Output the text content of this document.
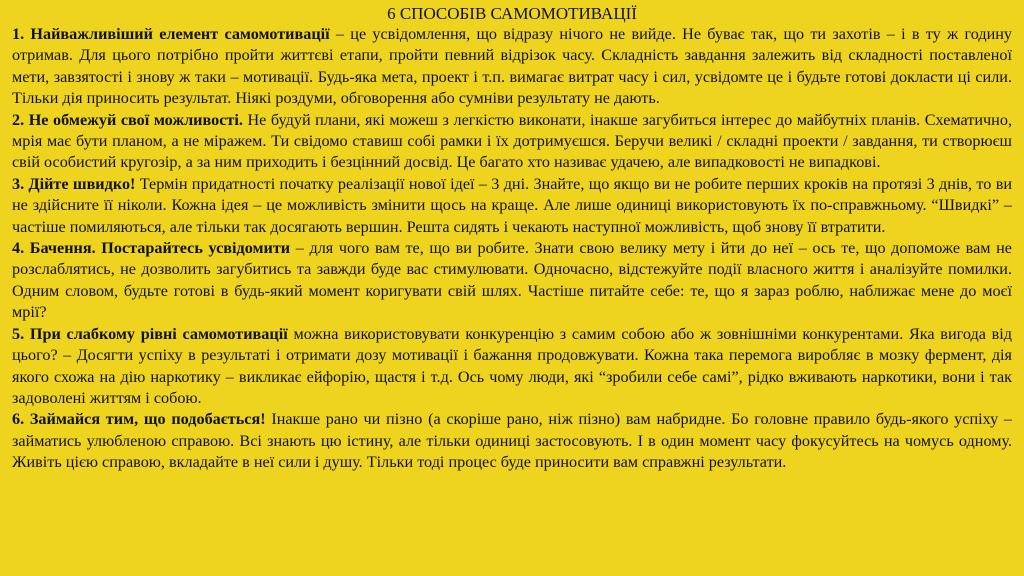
6 СПОСОБІВ САМОМОТИВАЦІЇ

1. Найважливіший елемент самомотивації – це усвідомлення, що відразу нічого не вийде. Не буває так, що ти захотів – і в ту ж годину отримав. Для цього потрібно пройти життєві етапи, пройти певний відрізок часу. Складність завдання залежить від складності поставленої мети, завзятості і знову ж таки – мотивації. Будь-яка мета, проект і т.п. вимагає витрат часу і сил, усвідомте це і будьте готові докласти ці сили. Тільки дія приносить результат. Ніякі роздуми, обговорення або сумніви результату не дають.

2. Не обмежуй свої можливості. Не будуй плани, які можеш з легкістю виконати, інакше загубиться інтерес до майбутніх планів. Схематично, мрія має бути планом, а не міражем. Ти свідомо ставиш собі рамки і їх дотримуєшся. Беручи великі / складні проекти / завдання, ти створюєш свій особистий кругозір, а за ним приходить і безцінний досвід. Це багато хто називає удачею, але випадковості не випадкові.

3. Дійте швидко! Термін придатності початку реалізації нової ідеї – 3 дні. Знайте, що якщо ви не робите перших кроків на протязі 3 днів, то ви не здійсните її ніколи. Кожна ідея – це можливість змінити щось на краще. Але лише одиниці використовують їх по-справжньому. “Швидкі” – частіше помиляються, але тільки так досягають вершин. Решта сидять і чекають наступної можливість, щоб знову її втратити.

4. Бачення. Постарайтесь усвідомити – для чого вам те, що ви робите. Знати свою велику мету і йти до неї – ось те, що допоможе вам не розслаблятись, не дозволить загубитись та завжди буде вас стимулювати. Одночасно, відстежуйте події власного життя і аналізуйте помилки. Одним словом, будьте готові в будь-який момент коригувати свій шлях. Частіше питайте себе: те, що я зараз роблю, наближає мене до моєї мрії?

5. При слабкому рівні самомотивації можна використовувати конкуренцію з самим собою або ж зовнішніми конкурентами. Яка вигода від цього? – Досягти успіху в результаті і отримати дозу мотивації і бажання продовжувати. Кожна така перемога виробляє в мозку фермент, дія якого схожа на дію наркотику – викликає ейфорію, щастя і т.д. Ось чому люди, які “зробили себе самі”, рідко вживають наркотики, вони і так задоволені життям і собою.

6. Займайся тим, що подобається! Інакше рано чи пізно (а скоріше рано, ніж пізно) вам набридне. Бо головне правило будь-якого успіху – займатись улюбленою справою. Всі знають цю істину, але тільки одиниці застосовують. І в один момент часу фокусуйтесь на чомусь одному. Живіть цією справою, вкладайте в неї сили і душу. Тільки тоді процес буде приносити вам справжні результати.
